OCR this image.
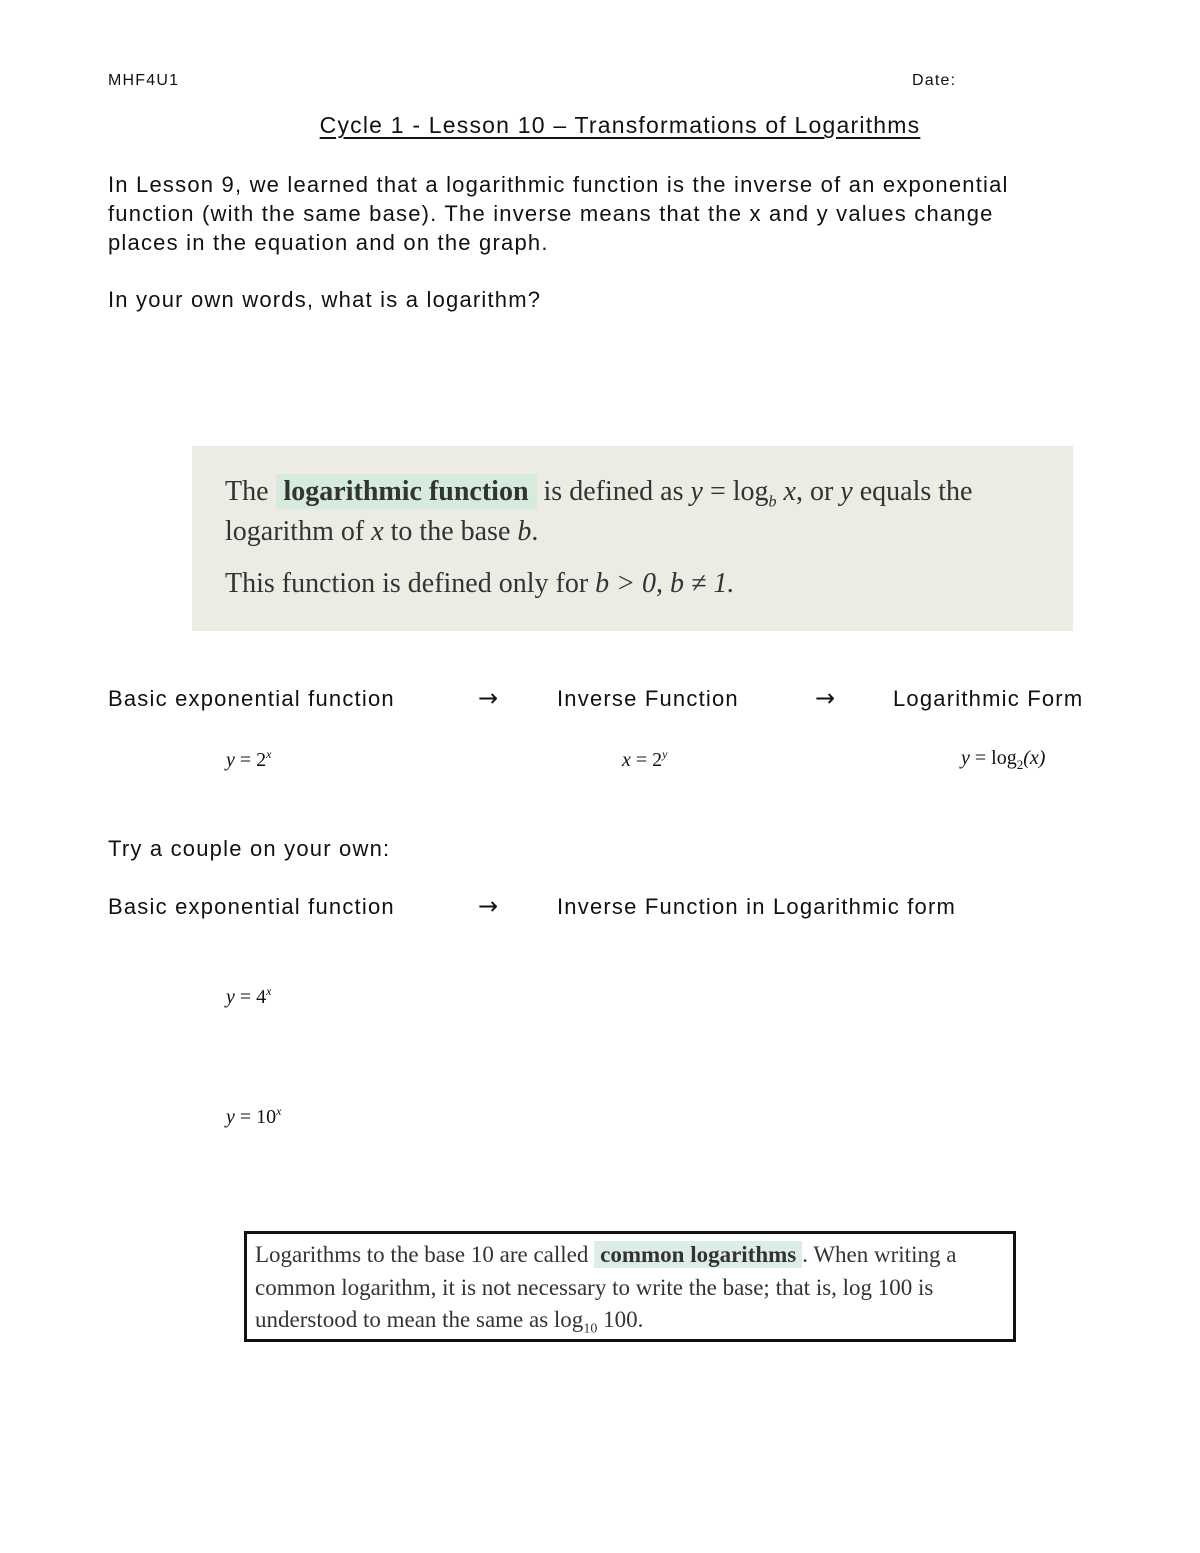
MHF4U1	Date:
Cycle 1 - Lesson 10 – Transformations of Logarithms
In Lesson 9, we learned that a logarithmic function is the inverse of an exponential
function (with the same base). The inverse means that the x and y values change
places in the equation and on the graph.
In your own words, what is a logarithm?
The logarithmic function is defined as $y = \log_b x$, or y equals the
logarithm of x to the base b.
This function is defined only for b > 0, b ≠ 1.
Basic exponential function	→	Inverse Function	→	Logarithmic Form
$y = 2^x$	$x = 2^y$	$y = \log_2(x)$
Try a couple on your own:
Basic exponential function	→	Inverse Function in Logarithmic form
$y = 4^x$
$y = 10^x$
Logarithms to the base 10 are called common logarithms . When writing a
common logarithm, it is not necessary to write the base; that is, log 100 is
understood to mean the same as $\log_{10} 100$.
